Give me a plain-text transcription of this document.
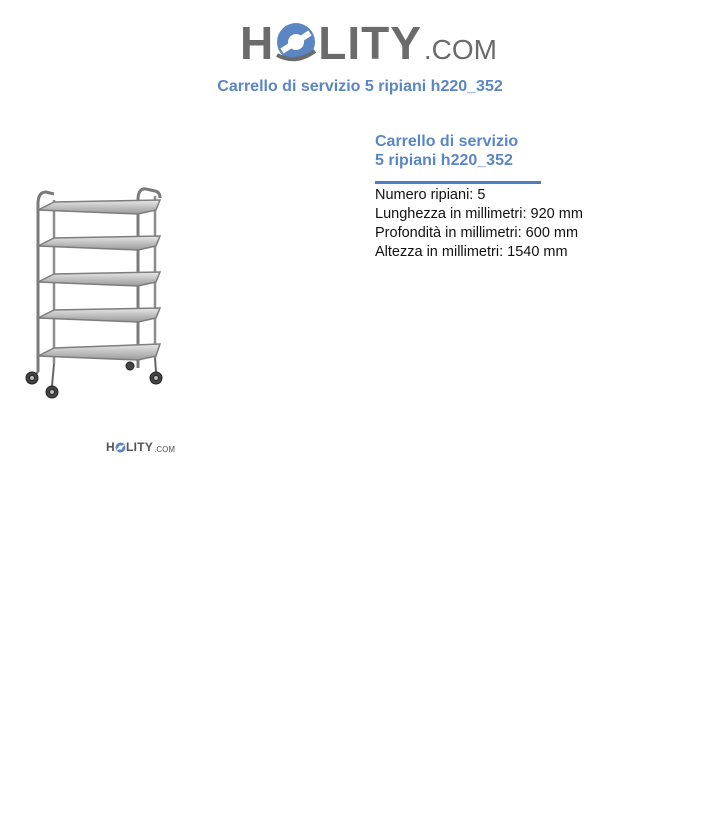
H LITY .COM
Carrello di servizio 5 ripiani h220_352
H LITY .COM
Carrello di servizio
5 ripiani h220_352
Numero ripiani: 5
Lunghezza in millimetri: 920 mm
Profondità in millimetri: 600 mm
Altezza in millimetri: 1540 mm
